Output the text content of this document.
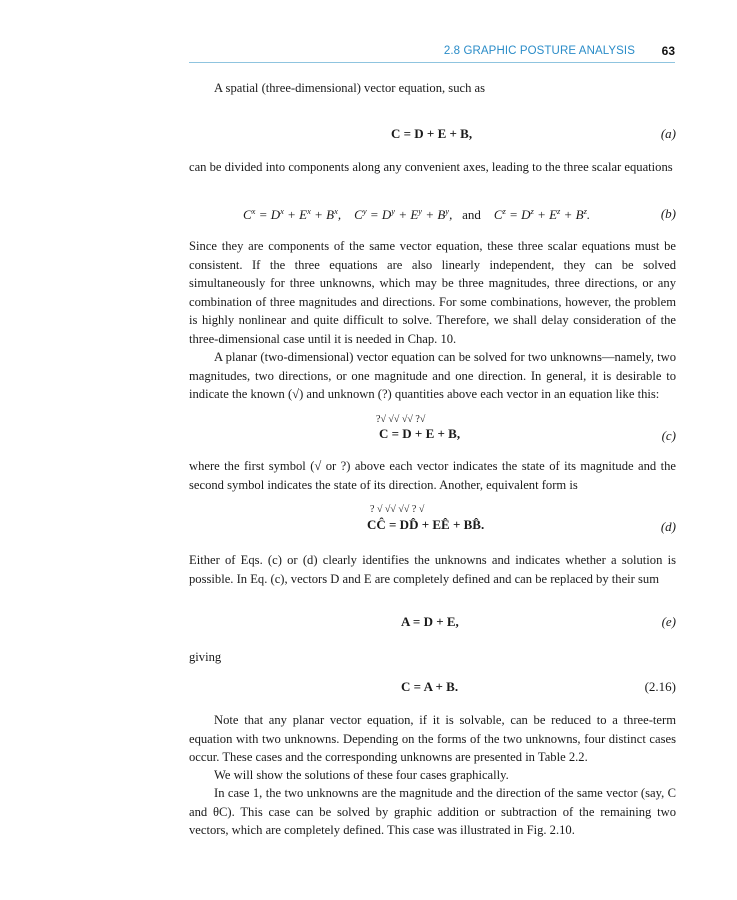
2.8 GRAPHIC POSTURE ANALYSIS 63

A spatial (three-dimensional) vector equation, such as

C = D + E + B,	(a)

can be divided into components along any convenient axes, leading to the three scalar equations

$C^x = D^x + E^x + B^x$,    $C^y = D^y + E^y + B^y$,   and    $C^z = D^z + E^z + B^z$.	(b)

Since they are components of the same vector equation, these three scalar equations must be consistent. If the three equations are also linearly independent, they can be solved simultaneously for three unknowns, which may be three magnitudes, three directions, or any combination of three magnitudes and directions. For some combinations, however, the problem is highly nonlinear and quite difficult to solve. Therefore, we shall delay consideration of the three-dimensional case until it is needed in Chap. 10.

A planar (two-dimensional) vector equation can be solved for two unknowns—namely, two magnitudes, two directions, or one magnitude and one direction. In general, it is desirable to indicate the known (√) and unknown (?) quantities above each vector in an equation like this:

?√ √√ √√ ?√
C = D + E + B,	(c)

where the first symbol (√ or ?) above each vector indicates the state of its magnitude and the second symbol indicates the state of its direction. Another, equivalent form is

? √ √√ √√ ? √
CĈ = DD̂ + EÊ + BB̂.	(d)

Either of Eqs. (c) or (d) clearly identifies the unknowns and indicates whether a solution is possible. In Eq. (c), vectors D and E are completely defined and can be replaced by their sum

A = D + E,	(e)

giving

C = A + B.	(2.16)

Note that any planar vector equation, if it is solvable, can be reduced to a three-term equation with two unknowns. Depending on the forms of the two unknowns, four distinct cases occur. These cases and the corresponding unknowns are presented in Table 2.2.

We will show the solutions of these four cases graphically.

In case 1, the two unknowns are the magnitude and the direction of the same vector (say, C and θC). This case can be solved by graphic addition or subtraction of the remaining two vectors, which are completely defined. This case was illustrated in Fig. 2.10.
